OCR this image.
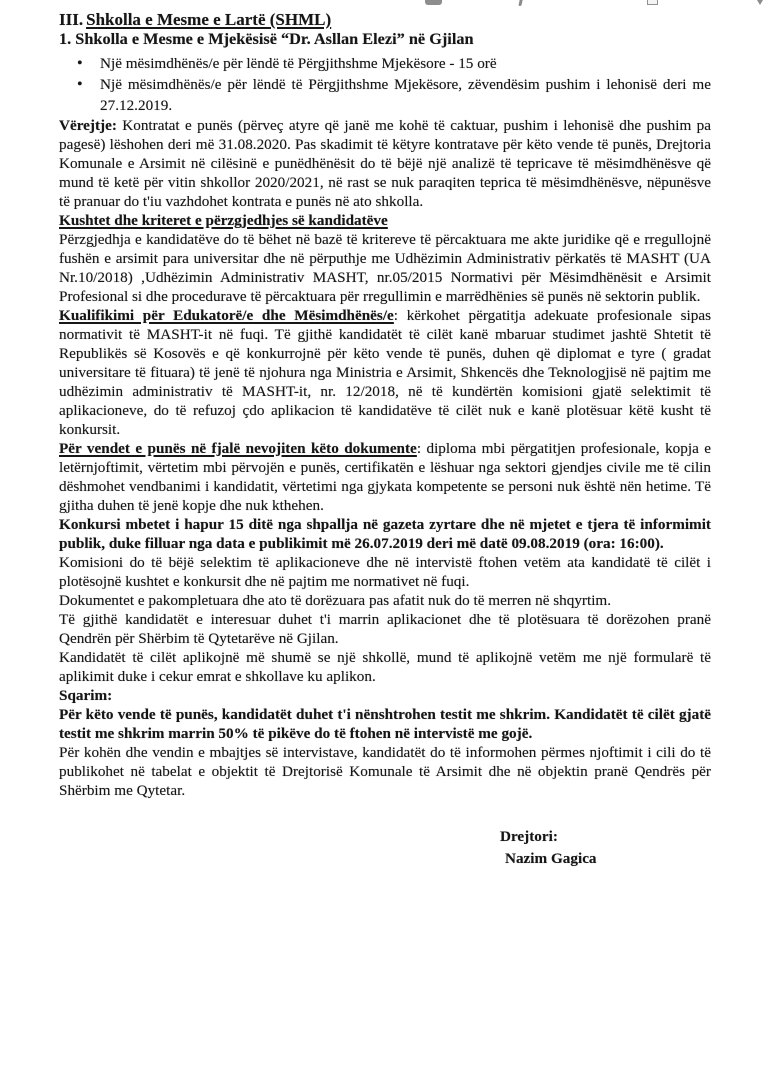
III. Shkolla e Mesme e Lartë (SHML)

1. Shkolla e Mesme e Mjekësisë “Dr. Asllan Elezi” në Gjilan

• Një mësimdhënës/e për lëndë të Përgjithshme Mjekësore - 15 orë
• Një mësimdhënës/e për lëndë të Përgjithshme Mjekësore, zëvendësim pushim i lehonisë deri me 27.12.2019.

Vërejtje: Kontratat e punës (përveç atyre që janë me kohë të caktuar, pushim i lehonisë dhe pushim pa pagesë) lëshohen deri më 31.08.2020. Pas skadimit të këtyre kontratave për këto vende të punës, Drejtoria Komunale e Arsimit në cilësinë e punëdhënësit do të bëjë një analizë të tepricave të mësimdhënësve që mund të ketë për vitin shkollor 2020/2021, në rast se nuk paraqiten teprica të mësimdhënësve, nëpunësve të pranuar do t'iu vazhdohet kontrata e punës në ato shkolla.

Kushtet dhe kriteret e përzgjedhjes së kandidatëve

Përzgjedhja e kandidatëve do të bëhet në bazë të kritereve të përcaktuara me akte juridike që e rregullojnë fushën e arsimit para universitar dhe në përputhje me Udhëzimin Administrativ përkatës të MASHT (UA Nr.10/2018) ,Udhëzimin Administrativ MASHT, nr.05/2015 Normativi për Mësimdhënësit e Arsimit Profesional si dhe procedurave të përcaktuara për rregullimin e marrëdhënies së punës në sektorin publik.

Kualifikimi për Edukatorë/e dhe Mësimdhënës/e: kërkohet përgatitja adekuate profesionale sipas normativit të MASHT-it në fuqi. Të gjithë kandidatët të cilët kanë mbaruar studimet jashtë Shtetit të Republikës së Kosovës e që konkurrojnë për këto vende të punës, duhen që diplomat e tyre ( gradat universitare të fituara) të jenë të njohura nga Ministria e Arsimit, Shkencës dhe Teknologjisë në pajtim me udhëzimin administrativ të MASHT-it, nr. 12/2018, në të kundërtën komisioni gjatë selektimit të aplikacioneve, do të refuzoj çdo aplikacion të kandidatëve të cilët nuk e kanë plotësuar këtë kusht të konkursit.

Për vendet e punës në fjalë nevojiten këto dokumente: diploma mbi përgatitjen profesionale, kopja e letërnjoftimit, vërtetim mbi përvojën e punës, certifikatën e lëshuar nga sektori gjendjes civile me të cilin dëshmohet vendbanimi i kandidatit, vërtetimi nga gjykata kompetente se personi nuk është nën hetime. Të gjitha duhen të jenë kopje dhe nuk kthehen.

Konkursi mbetet i hapur 15 ditë nga shpallja në gazeta zyrtare dhe në mjetet e tjera të informimit publik, duke filluar nga data e publikimit më 26.07.2019 deri më datë 09.08.2019 (ora: 16:00).

Komisioni do të bëjë selektim të aplikacioneve dhe në intervistë ftohen vetëm ata kandidatë të cilët i plotësojnë kushtet e konkursit dhe në pajtim me normativet në fuqi.

Dokumentet e pakompletuara dhe ato të dorëzuara pas afatit nuk do të merren në shqyrtim.

Të gjithë kandidatët e interesuar duhet t'i marrin aplikacionet dhe të plotësuara të dorëzohen pranë Qendrën për Shërbim të Qytetarëve në Gjilan.

Kandidatët të cilët aplikojnë më shumë se një shkollë, mund të aplikojnë vetëm me një formularë të aplikimit duke i cekur emrat e shkollave ku aplikon.

Sqarim:

Për këto vende të punës, kandidatët duhet t'i nënshtrohen testit me shkrim. Kandidatët të cilët gjatë testit me shkrim marrin 50% të pikëve do të ftohen në intervistë me gojë.

Për kohën dhe vendin e mbajtjes së intervistave, kandidatët do të informohen përmes njoftimit i cili do të publikohet në tabelat e objektit të Drejtorisë Komunale të Arsimit dhe në objektin pranë Qendrës për Shërbim me Qytetar.

Drejtori:

Nazim Gagica
